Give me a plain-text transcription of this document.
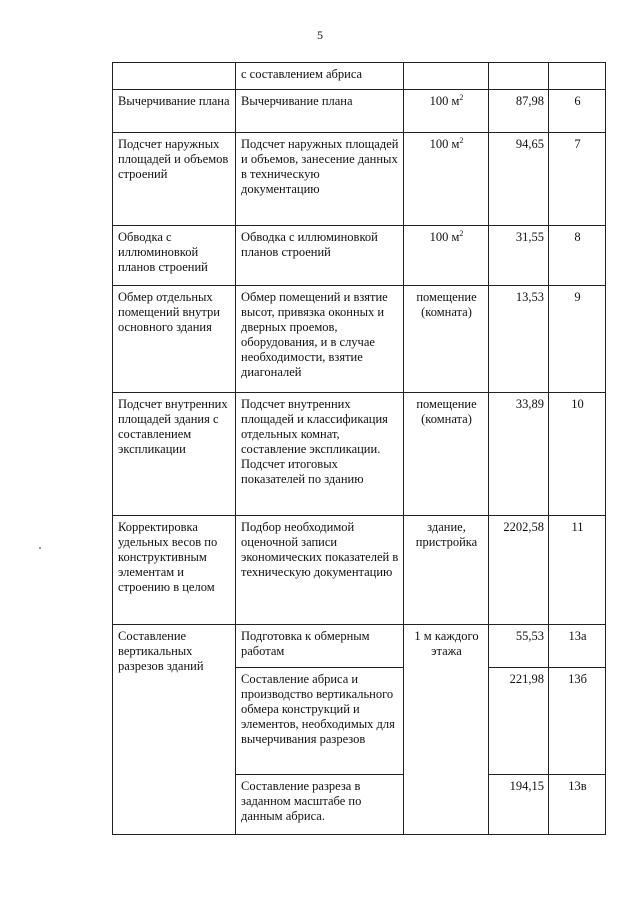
5
	с составлением абриса			
Вычерчивание плана	Вычерчивание плана	100 $м^2$	87,98	6
Подсчет наружных площадей и объемов строений	Подсчет наружных площадей и объемов, занесение данных в техническую документацию	100 $м^2$	94,65	7
Обводка с иллюминовкой планов строений	Обводка с иллюминовкой планов строений	100 $м^2$	31,55	8
Обмер отдельных помещений внутри основного здания	Обмер помещений и взятие высот, привязка оконных и дверных проемов, оборудования, и в случае необходимости, взятие диагоналей	помещение (комната)	13,53	9
Подсчет внутренних площадей здания с составлением экспликации	Подсчет внутренних площадей и классификация отдельных комнат, составление экспликации. Подсчет итоговых показателей по зданию	помещение (комната)	33,89	10
Корректировка удельных весов по конструктивным элементам и строению в целом	Подбор необходимой оценочной записи экономических показателей в техническую документацию	здание, пристройка	2202,58	11
Составление вертикальных разрезов зданий	Подготовка к обмерным работам	1 м каждого этажа	55,53	13а
	Составление абриса и производство вертикального обмера конструкций и элементов, необходимых для вычерчивания разрезов		221,98	13б
	Составление разреза в заданном масштабе по данным абриса.		194,15	13в
